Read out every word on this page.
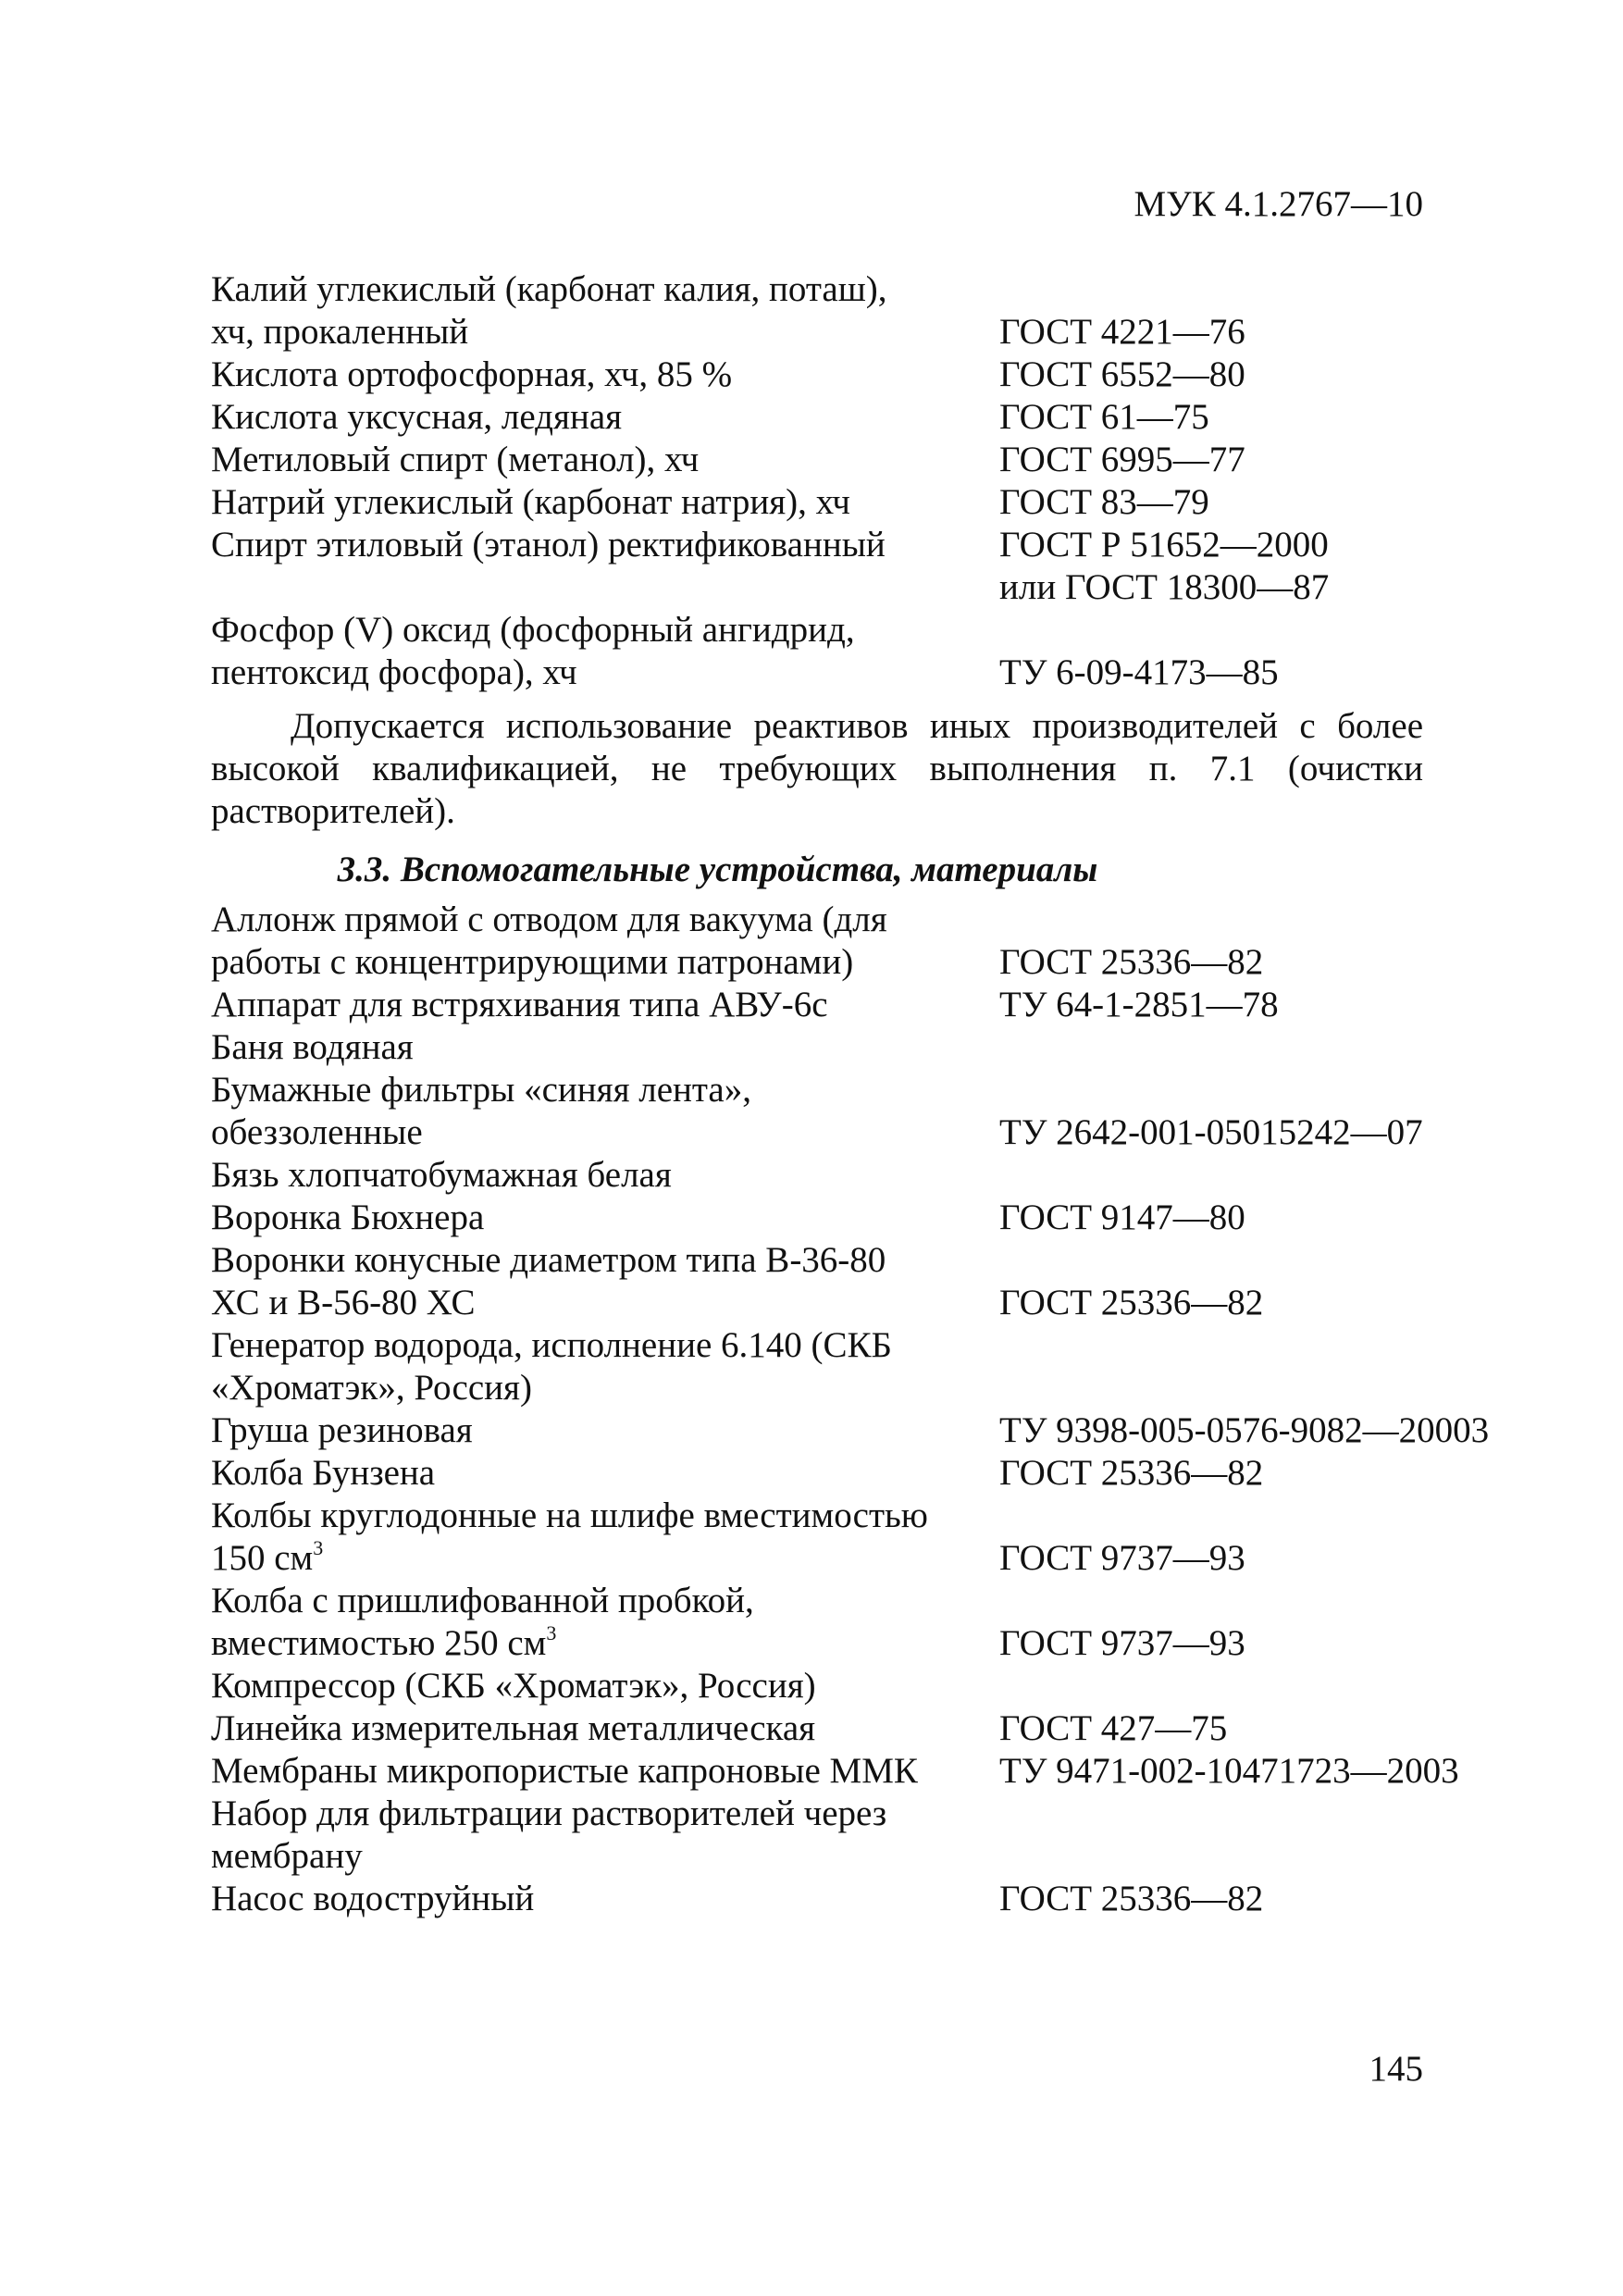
МУК 4.1.2767—10
Калий углекислый (карбонат калия, поташ),
хч, прокаленный	ГОСТ 4221—76
Кислота ортофосфорная, хч, 85 %	ГОСТ 6552—80
Кислота уксусная, ледяная	ГОСТ 61—75
Метиловый спирт (метанол), хч	ГОСТ 6995—77
Натрий углекислый (карбонат натрия), хч	ГОСТ 83—79
Спирт этиловый (этанол) ректификованный	ГОСТ Р 51652—2000
или ГОСТ 18300—87
Фосфор (V) оксид (фосфорный ангидрид,
пентоксид фосфора), хч	ТУ 6-09-4173—85

Допускается использование реактивов иных производителей с более высокой квалификацией, не требующих выполнения п. 7.1 (очистки растворителей).

3.3. Вспомогательные устройства, материалы
Аллонж прямой с отводом для вакуума (для
работы с концентрирующими патронами)	ГОСТ 25336—82
Аппарат для встряхивания типа АВУ-6с	ТУ 64-1-2851—78
Баня водяная
Бумажные фильтры «синяя лента»,
обеззоленные	ТУ 2642-001-05015242—07
Бязь хлопчатобумажная белая
Воронка Бюхнера	ГОСТ 9147—80
Воронки конусные диаметром типа В-36-80
ХС и В-56-80 ХС	ГОСТ 25336—82
Генератор водорода, исполнение 6.140 (СКБ
«Хроматэк», Россия)
Груша резиновая	ТУ 9398-005-0576-9082—20003
Колба Бунзена	ГОСТ 25336—82
Колбы круглодонные на шлифе вместимостью
150 $см^3$	ГОСТ 9737—93
Колба с пришлифованной пробкой,
вместимостью 250 $см^3$	ГОСТ 9737—93
Компрессор (СКБ «Хроматэк», Россия)
Линейка измерительная металлическая	ГОСТ 427—75
Мембраны микропористые капроновые ММК	ТУ 9471-002-10471723—2003
Набор для фильтрации растворителей через
мембрану
Насос водоструйный	ГОСТ 25336—82
145
